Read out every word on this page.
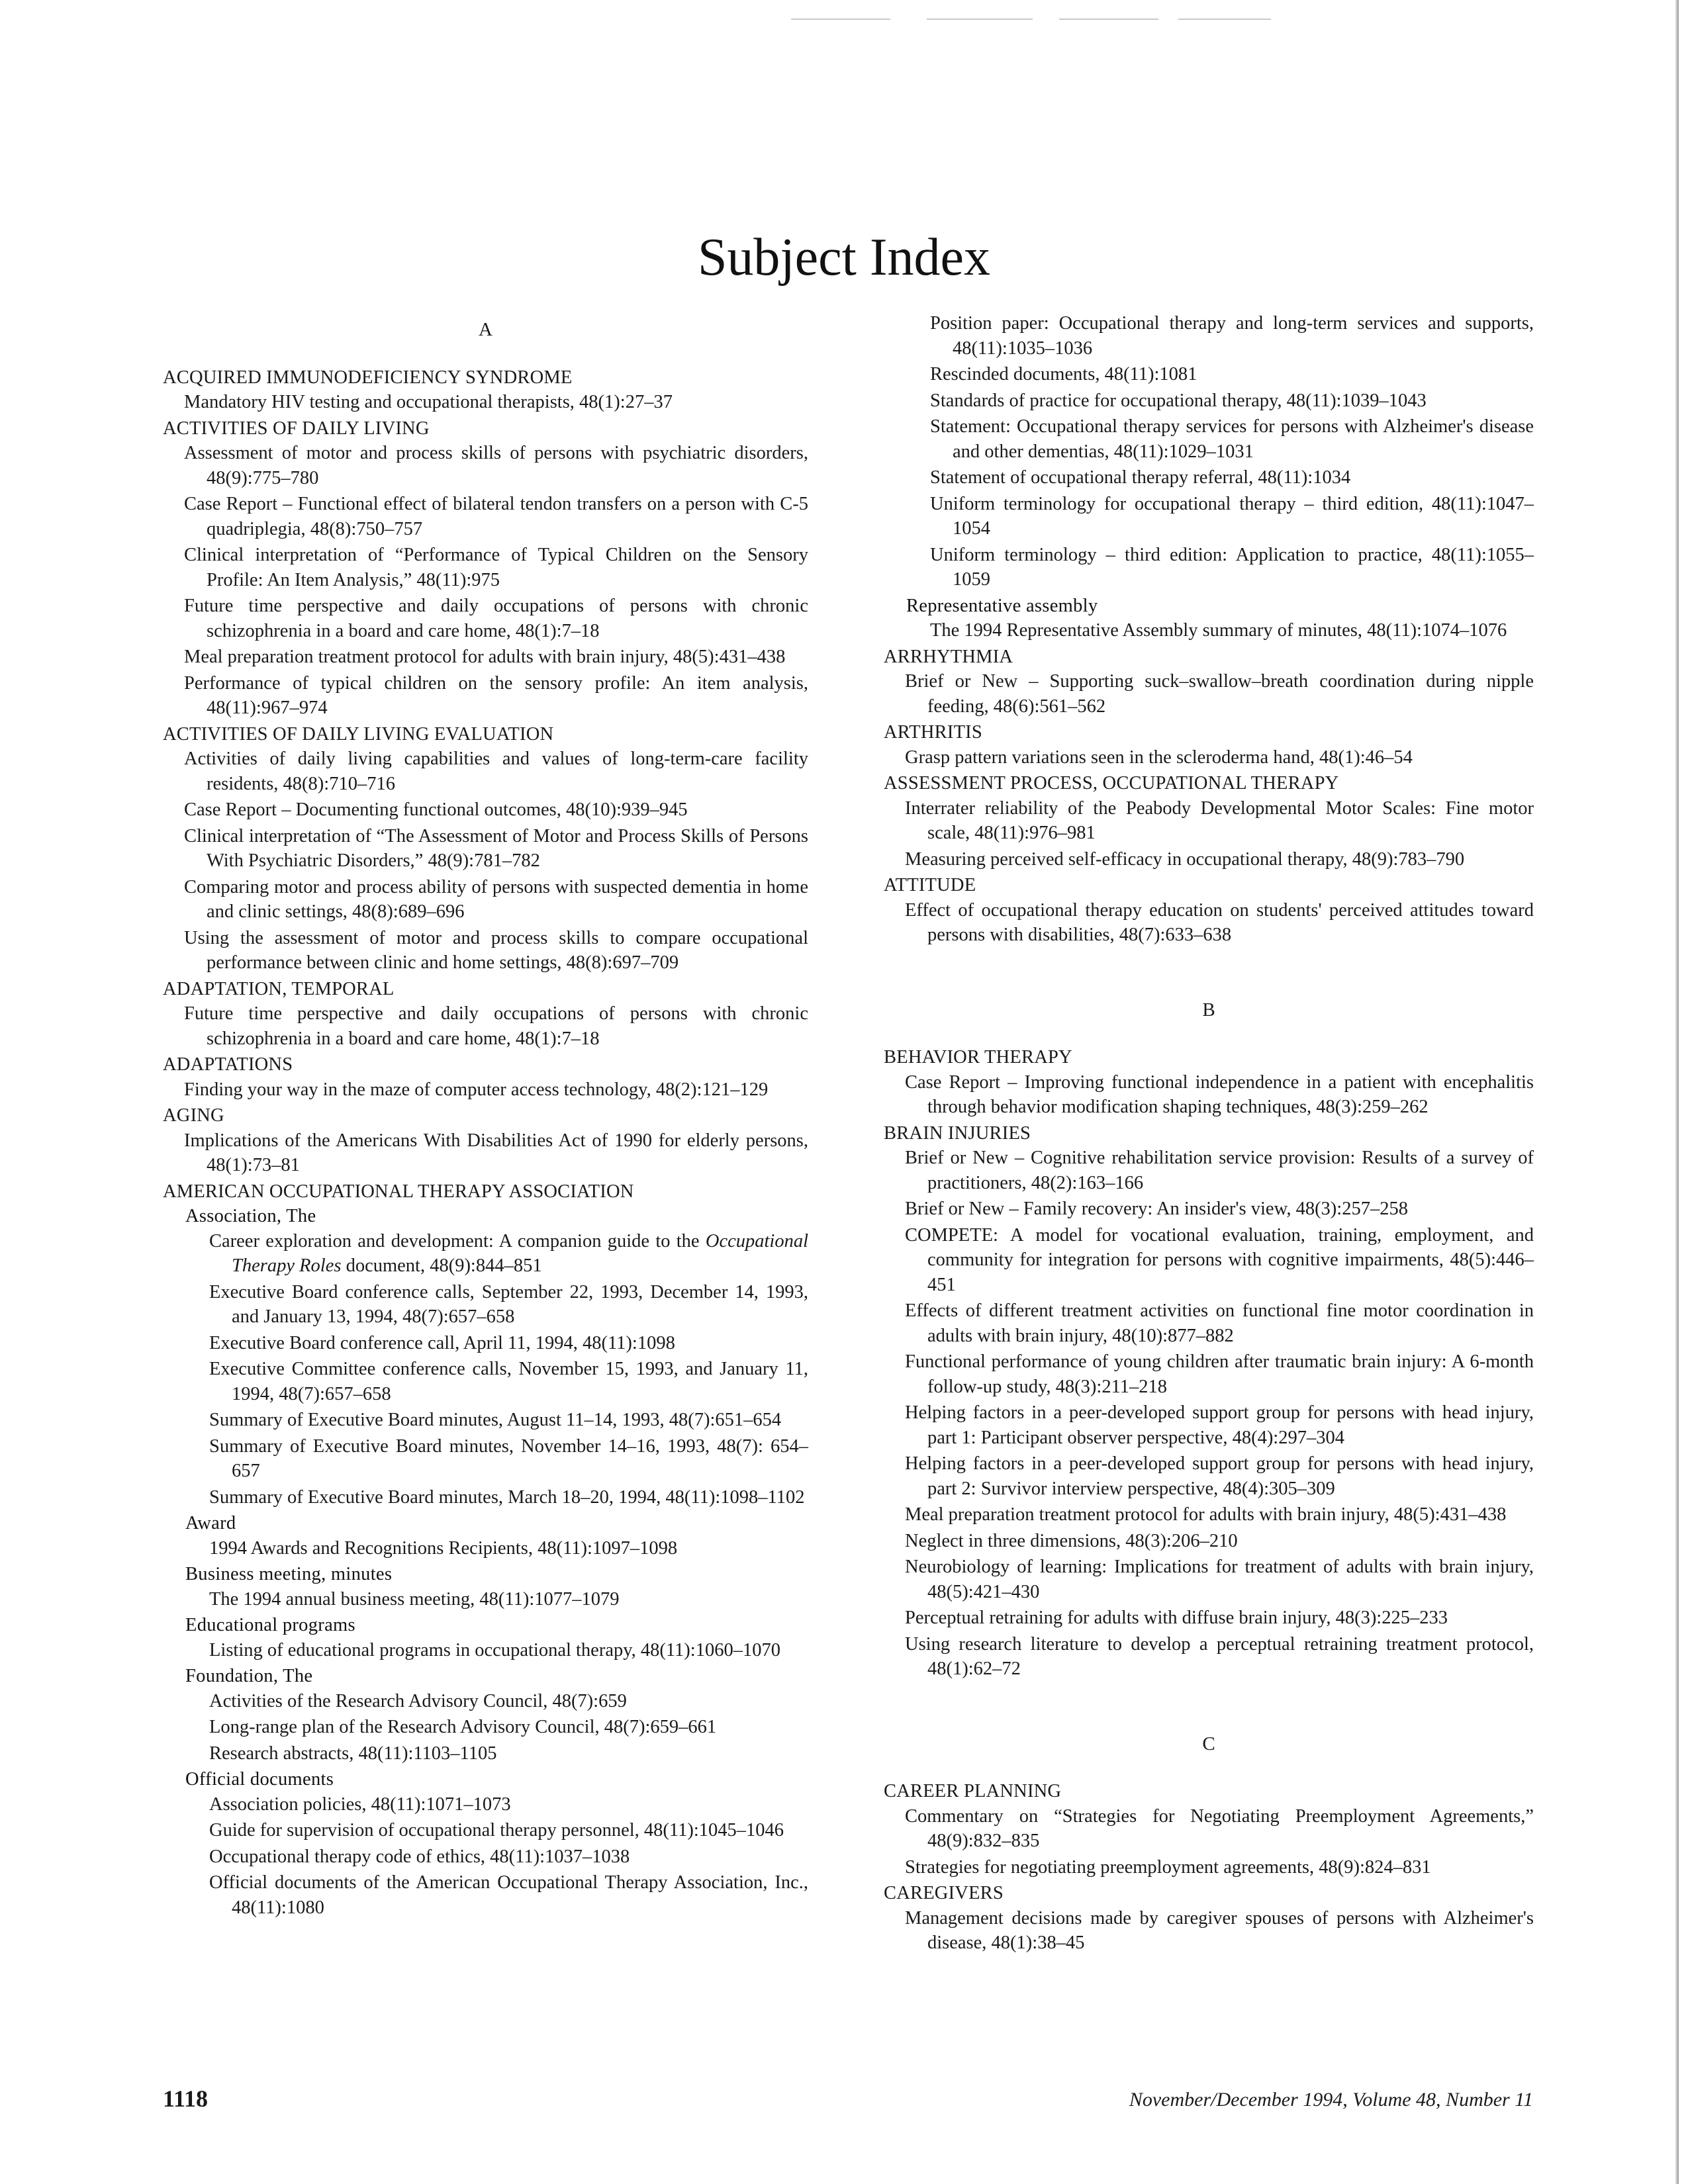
Subject Index
A
ACQUIRED IMMUNODEFICIENCY SYNDROME
Mandatory HIV testing and occupational therapists, 48(1):27–37
ACTIVITIES OF DAILY LIVING
Assessment of motor and process skills of persons with psychiatric disorders, 48(9):775–780
Case Report – Functional effect of bilateral tendon transfers on a person with C-5 quadriplegia, 48(8):750–757
Clinical interpretation of “Performance of Typical Children on the Sensory Profile: An Item Analysis,” 48(11):975
Future time perspective and daily occupations of persons with chronic schizophrenia in a board and care home, 48(1):7–18
Meal preparation treatment protocol for adults with brain injury, 48(5):431–438
Performance of typical children on the sensory profile: An item analysis, 48(11):967–974
ACTIVITIES OF DAILY LIVING EVALUATION
Activities of daily living capabilities and values of long-term-care facility residents, 48(8):710–716
Case Report – Documenting functional outcomes, 48(10):939–945
Clinical interpretation of “The Assessment of Motor and Process Skills of Persons With Psychiatric Disorders,” 48(9):781–782
Comparing motor and process ability of persons with suspected dementia in home and clinic settings, 48(8):689–696
Using the assessment of motor and process skills to compare occupational performance between clinic and home settings, 48(8):697–709
ADAPTATION, TEMPORAL
Future time perspective and daily occupations of persons with chronic schizophrenia in a board and care home, 48(1):7–18
ADAPTATIONS
Finding your way in the maze of computer access technology, 48(2):121–129
AGING
Implications of the Americans With Disabilities Act of 1990 for elderly persons, 48(1):73–81
AMERICAN OCCUPATIONAL THERAPY ASSOCIATION
Association, The
Career exploration and development: A companion guide to the Occupational Therapy Roles document, 48(9):844–851
Executive Board conference calls, September 22, 1993, December 14, 1993, and January 13, 1994, 48(7):657–658
Executive Board conference call, April 11, 1994, 48(11):1098
Executive Committee conference calls, November 15, 1993, and January 11, 1994, 48(7):657–658
Summary of Executive Board minutes, August 11–14, 1993, 48(7):651–654
Summary of Executive Board minutes, November 14–16, 1993, 48(7): 654–657
Summary of Executive Board minutes, March 18–20, 1994, 48(11):1098–1102
Award
1994 Awards and Recognitions Recipients, 48(11):1097–1098
Business meeting, minutes
The 1994 annual business meeting, 48(11):1077–1079
Educational programs
Listing of educational programs in occupational therapy, 48(11):1060–1070
Foundation, The
Activities of the Research Advisory Council, 48(7):659
Long-range plan of the Research Advisory Council, 48(7):659–661
Research abstracts, 48(11):1103–1105
Official documents
Association policies, 48(11):1071–1073
Guide for supervision of occupational therapy personnel, 48(11):1045–1046
Occupational therapy code of ethics, 48(11):1037–1038
Official documents of the American Occupational Therapy Association, Inc., 48(11):1080
Position paper: Occupational therapy and long-term services and supports, 48(11):1035–1036
Rescinded documents, 48(11):1081
Standards of practice for occupational therapy, 48(11):1039–1043
Statement: Occupational therapy services for persons with Alzheimer's disease and other dementias, 48(11):1029–1031
Statement of occupational therapy referral, 48(11):1034
Uniform terminology for occupational therapy – third edition, 48(11):1047–1054
Uniform terminology – third edition: Application to practice, 48(11):1055–1059
Representative assembly
The 1994 Representative Assembly summary of minutes, 48(11):1074–1076
ARRHYTHMIA
Brief or New – Supporting suck–swallow–breath coordination during nipple feeding, 48(6):561–562
ARTHRITIS
Grasp pattern variations seen in the scleroderma hand, 48(1):46–54
ASSESSMENT PROCESS, OCCUPATIONAL THERAPY
Interrater reliability of the Peabody Developmental Motor Scales: Fine motor scale, 48(11):976–981
Measuring perceived self-efficacy in occupational therapy, 48(9):783–790
ATTITUDE
Effect of occupational therapy education on students' perceived attitudes toward persons with disabilities, 48(7):633–638
B
BEHAVIOR THERAPY
Case Report – Improving functional independence in a patient with encephalitis through behavior modification shaping techniques, 48(3):259–262
BRAIN INJURIES
Brief or New – Cognitive rehabilitation service provision: Results of a survey of practitioners, 48(2):163–166
Brief or New – Family recovery: An insider's view, 48(3):257–258
COMPETE: A model for vocational evaluation, training, employment, and community for integration for persons with cognitive impairments, 48(5):446–451
Effects of different treatment activities on functional fine motor coordination in adults with brain injury, 48(10):877–882
Functional performance of young children after traumatic brain injury: A 6-month follow-up study, 48(3):211–218
Helping factors in a peer-developed support group for persons with head injury, part 1: Participant observer perspective, 48(4):297–304
Helping factors in a peer-developed support group for persons with head injury, part 2: Survivor interview perspective, 48(4):305–309
Meal preparation treatment protocol for adults with brain injury, 48(5):431–438
Neglect in three dimensions, 48(3):206–210
Neurobiology of learning: Implications for treatment of adults with brain injury, 48(5):421–430
Perceptual retraining for adults with diffuse brain injury, 48(3):225–233
Using research literature to develop a perceptual retraining treatment protocol, 48(1):62–72
C
CAREER PLANNING
Commentary on “Strategies for Negotiating Preemployment Agreements,” 48(9):832–835
Strategies for negotiating preemployment agreements, 48(9):824–831
CAREGIVERS
Management decisions made by caregiver spouses of persons with Alzheimer's disease, 48(1):38–45
1118	November/December 1994, Volume 48, Number 11
